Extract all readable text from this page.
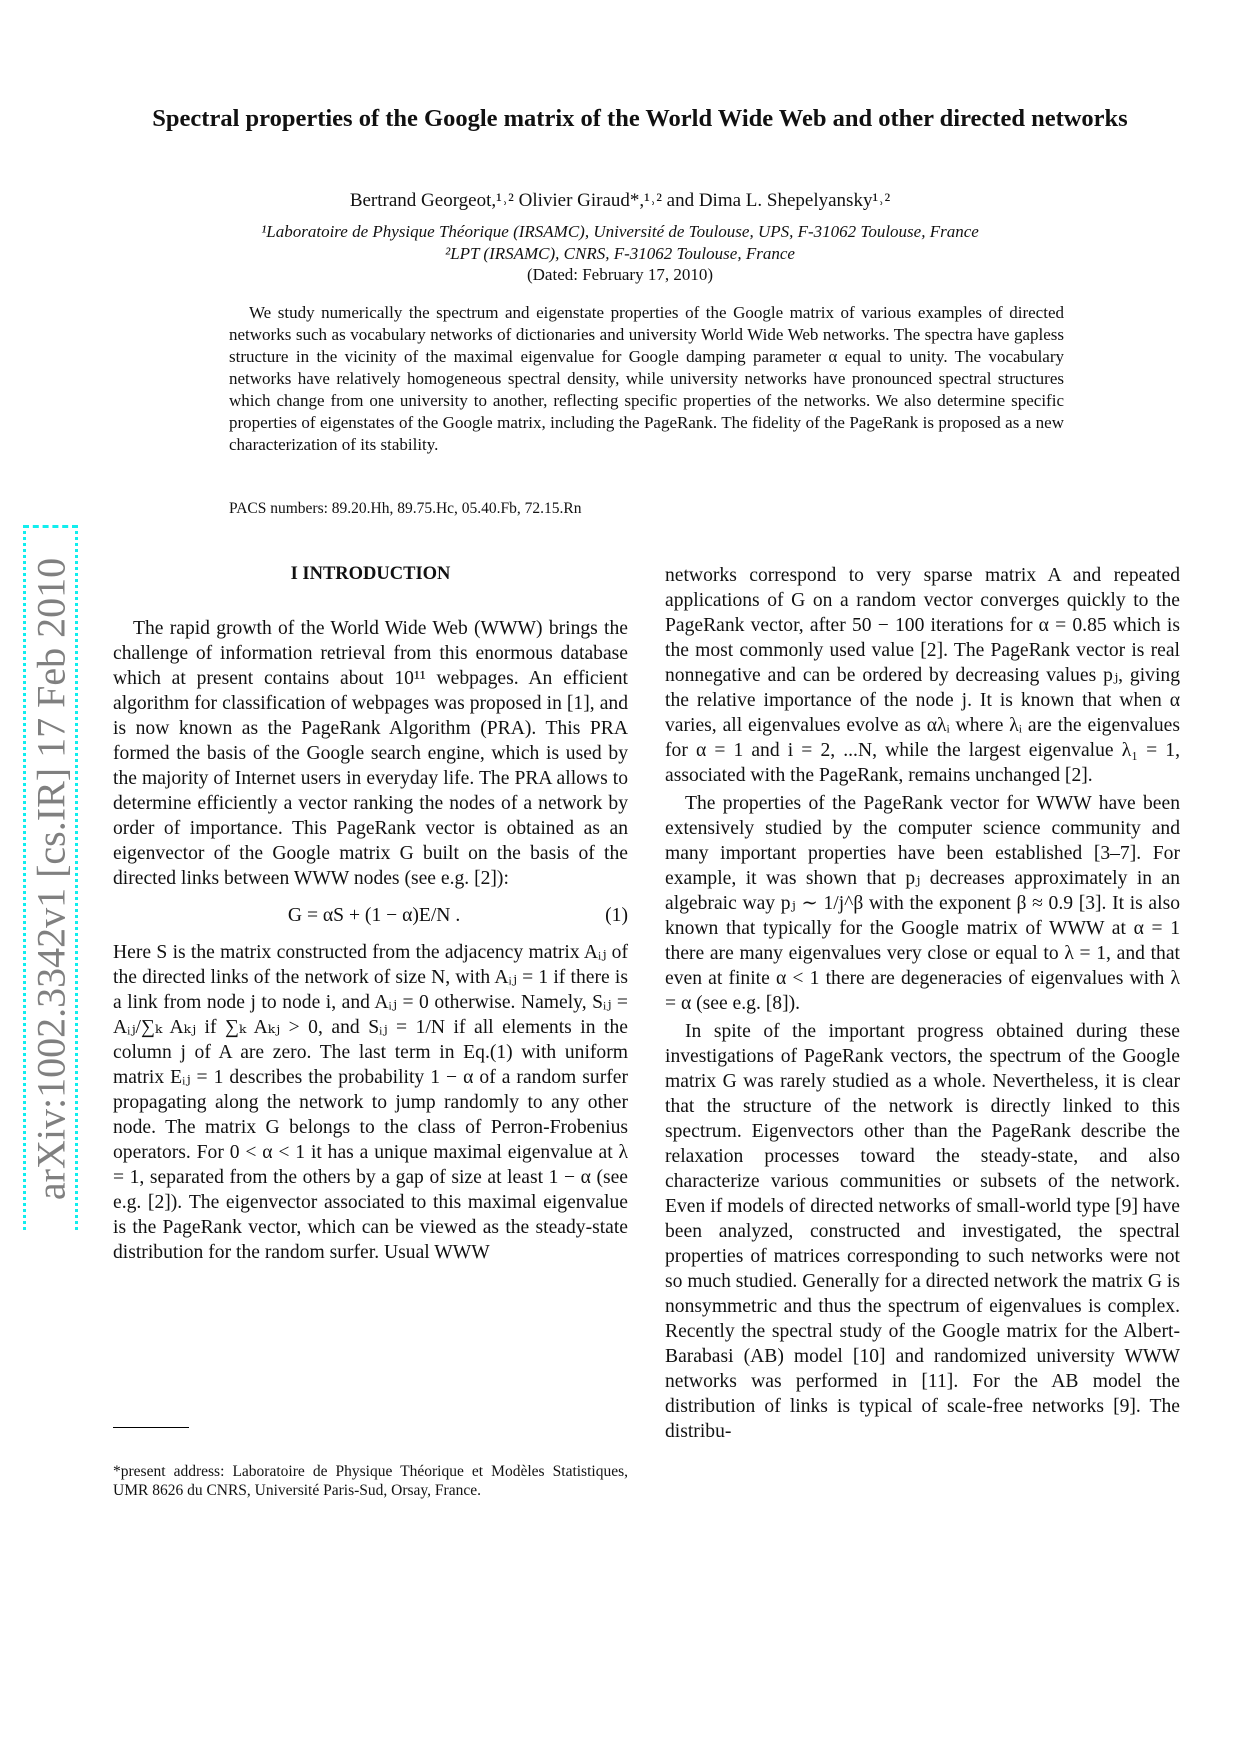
Spectral properties of the Google matrix of the World Wide Web and other directed networks
Bertrand Georgeot,¹˒² Olivier Giraud*,¹˒² and Dima L. Shepelyansky¹˒²
¹Laboratoire de Physique Théorique (IRSAMC), Université de Toulouse, UPS, F-31062 Toulouse, France
²LPT (IRSAMC), CNRS, F-31062 Toulouse, France
(Dated: February 17, 2010)

We study numerically the spectrum and eigenstate properties of the Google matrix of various examples of directed networks such as vocabulary networks of dictionaries and university World Wide Web networks. The spectra have gapless structure in the vicinity of the maximal eigenvalue for Google damping parameter α equal to unity. The vocabulary networks have relatively homogeneous spectral density, while university networks have pronounced spectral structures which change from one university to another, reflecting specific properties of the networks. We also determine specific properties of eigenstates of the Google matrix, including the PageRank. The fidelity of the PageRank is proposed as a new characterization of its stability.

PACS numbers: 89.20.Hh, 89.75.Hc, 05.40.Fb, 72.15.Rn
arXiv:1002.3342v1 [cs.IR] 17 Feb 2010	I INTRODUCTION

The rapid growth of the World Wide Web (WWW) brings the challenge of information retrieval from this enormous database which at present contains about 10¹¹ webpages. An efficient algorithm for classification of webpages was proposed in [1], and is now known as the PageRank Algorithm (PRA). This PRA formed the basis of the Google search engine, which is used by the majority of Internet users in everyday life. The PRA allows to determine efficiently a vector ranking the nodes of a network by order of importance. This PageRank vector is obtained as an eigenvector of the Google matrix G built on the basis of the directed links between WWW nodes (see e.g. [2]):

G = αS + (1 − α)E/N .	(1)

Here S is the matrix constructed from the adjacency matrix Aᵢⱼ of the directed links of the network of size N, with Aᵢⱼ = 1 if there is a link from node j to node i, and Aᵢⱼ = 0 otherwise. Namely, Sᵢⱼ = Aᵢⱼ/∑ₖ Aₖⱼ if ∑ₖ Aₖⱼ > 0, and Sᵢⱼ = 1/N if all elements in the column j of A are zero. The last term in Eq.(1) with uniform matrix Eᵢⱼ = 1 describes the probability 1 − α of a random surfer propagating along the network to jump randomly to any other node. The matrix G belongs to the class of Perron-Frobenius operators. For 0 < α < 1 it has a unique maximal eigenvalue at λ = 1, separated from the others by a gap of size at least 1 − α (see e.g. [2]). The eigenvector associated to this maximal eigenvalue is the PageRank vector, which can be viewed as the steady-state distribution for the random surfer. Usual WWW

*present address: Laboratoire de Physique Théorique et Modèles Statistiques, UMR 8626 du CNRS, Université Paris-Sud, Orsay, France.

networks correspond to very sparse matrix A and repeated applications of G on a random vector converges quickly to the PageRank vector, after 50 − 100 iterations for α = 0.85 which is the most commonly used value [2]. The PageRank vector is real nonnegative and can be ordered by decreasing values pⱼ, giving the relative importance of the node j. It is known that when α varies, all eigenvalues evolve as αλᵢ where λᵢ are the eigenvalues for α = 1 and i = 2, ...N, while the largest eigenvalue λ₁ = 1, associated with the PageRank, remains unchanged [2].

The properties of the PageRank vector for WWW have been extensively studied by the computer science community and many important properties have been established [3–7]. For example, it was shown that pⱼ decreases approximately in an algebraic way pⱼ ∼ 1/j^β with the exponent β ≈ 0.9 [3]. It is also known that typically for the Google matrix of WWW at α = 1 there are many eigenvalues very close or equal to λ = 1, and that even at finite α < 1 there are degeneracies of eigenvalues with λ = α (see e.g. [8]).

In spite of the important progress obtained during these investigations of PageRank vectors, the spectrum of the Google matrix G was rarely studied as a whole. Nevertheless, it is clear that the structure of the network is directly linked to this spectrum. Eigenvectors other than the PageRank describe the relaxation processes toward the steady-state, and also characterize various communities or subsets of the network. Even if models of directed networks of small-world type [9] have been analyzed, constructed and investigated, the spectral properties of matrices corresponding to such networks were not so much studied. Generally for a directed network the matrix G is nonsymmetric and thus the spectrum of eigenvalues is complex. Recently the spectral study of the Google matrix for the Albert-Barabasi (AB) model [10] and randomized university WWW networks was performed in [11]. For the AB model the distribution of links is typical of scale-free networks [9]. The distribu-
